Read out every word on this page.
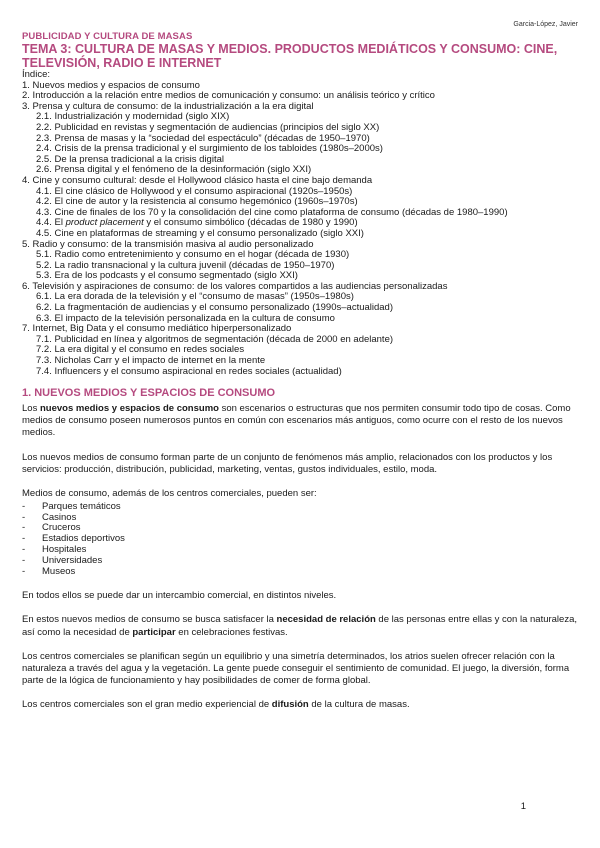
Garcia-López, Javier
PUBLICIDAD Y CULTURA DE MASAS
TEMA 3: CULTURA DE MASAS Y MEDIOS. PRODUCTOS MEDIÁTICOS Y CONSUMO: CINE, TELEVISIÓN, RADIO E INTERNET
Índice:
1. Nuevos medios y espacios de consumo
2. Introducción a la relación entre medios de comunicación y consumo: un análisis teórico y crítico
3. Prensa y cultura de consumo: de la industrialización a la era digital
2.1. Industrialización y modernidad (siglo XIX)
2.2. Publicidad en revistas y segmentación de audiencias (principios del siglo XX)
2.3. Prensa de masas y la “sociedad del espectáculo” (décadas de 1950–1970)
2.4. Crisis de la prensa tradicional y el surgimiento de los tabloides (1980s–2000s)
2.5. De la prensa tradicional a la crisis digital
2.6. Prensa digital y el fenómeno de la desinformación (siglo XXI)
4. Cine y consumo cultural: desde el Hollywood clásico hasta el cine bajo demanda
4.1. El cine clásico de Hollywood y el consumo aspiracional (1920s–1950s)
4.2. El cine de autor y la resistencia al consumo hegemónico (1960s–1970s)
4.3. Cine de finales de los 70 y la consolidación del cine como plataforma de consumo (décadas de 1980–1990)
4.4. El product placement y el consumo simbólico (décadas de 1980 y 1990)
4.5. Cine en plataformas de streaming y el consumo personalizado (siglo XXI)
5. Radio y consumo: de la transmisión masiva al audio personalizado
5.1. Radio como entretenimiento y consumo en el hogar (década de 1930)
5.2. La radio transnacional y la cultura juvenil (décadas de 1950–1970)
5.3. Era de los podcasts y el consumo segmentado (siglo XXI)
6. Televisión y aspiraciones de consumo: de los valores compartidos a las audiencias personalizadas
6.1. La era dorada de la televisión y el “consumo de masas” (1950s–1980s)
6.2. La fragmentación de audiencias y el consumo personalizado (1990s–actualidad)
6.3. El impacto de la televisión personalizada en la cultura de consumo
7. Internet, Big Data y el consumo mediático hiperpersonalizado
7.1. Publicidad en línea y algoritmos de segmentación (década de 2000 en adelante)
7.2. La era digital y el consumo en redes sociales
7.3. Nicholas Carr y el impacto de internet en la mente
7.4. Influencers y el consumo aspiracional en redes sociales (actualidad)
1. NUEVOS MEDIOS Y ESPACIOS DE CONSUMO

Los nuevos medios y espacios de consumo son escenarios o estructuras que nos permiten consumir todo tipo de cosas. Como medios de consumo poseen numerosos puntos en común con escenarios más antiguos, como ocurre con el resto de los nuevos medios.

Los nuevos medios de consumo forman parte de un conjunto de fenómenos más amplio, relacionados con los productos y los servicios: producción, distribución, publicidad, marketing, ventas, gustos individuales, estilo, moda.

Medios de consumo, además de los centros comerciales, pueden ser:

- Parques temáticos
- Casinos
- Cruceros
- Estadios deportivos
- Hospitales
- Universidades
- Museos

En todos ellos se puede dar un intercambio comercial, en distintos niveles.

En estos nuevos medios de consumo se busca satisfacer la necesidad de relación de las personas entre ellas y con la naturaleza, así como la necesidad de participar en celebraciones festivas.

Los centros comerciales se planifican según un equilibrio y una simetría determinados, los atrios suelen ofrecer relación con la naturaleza a través del agua y la vegetación. La gente puede conseguir el sentimiento de comunidad. El juego, la diversión, forma parte de la lógica de funcionamiento y hay posibilidades de comer de forma global.

Los centros comerciales son el gran medio experiencial de difusión de la cultura de masas.

1
